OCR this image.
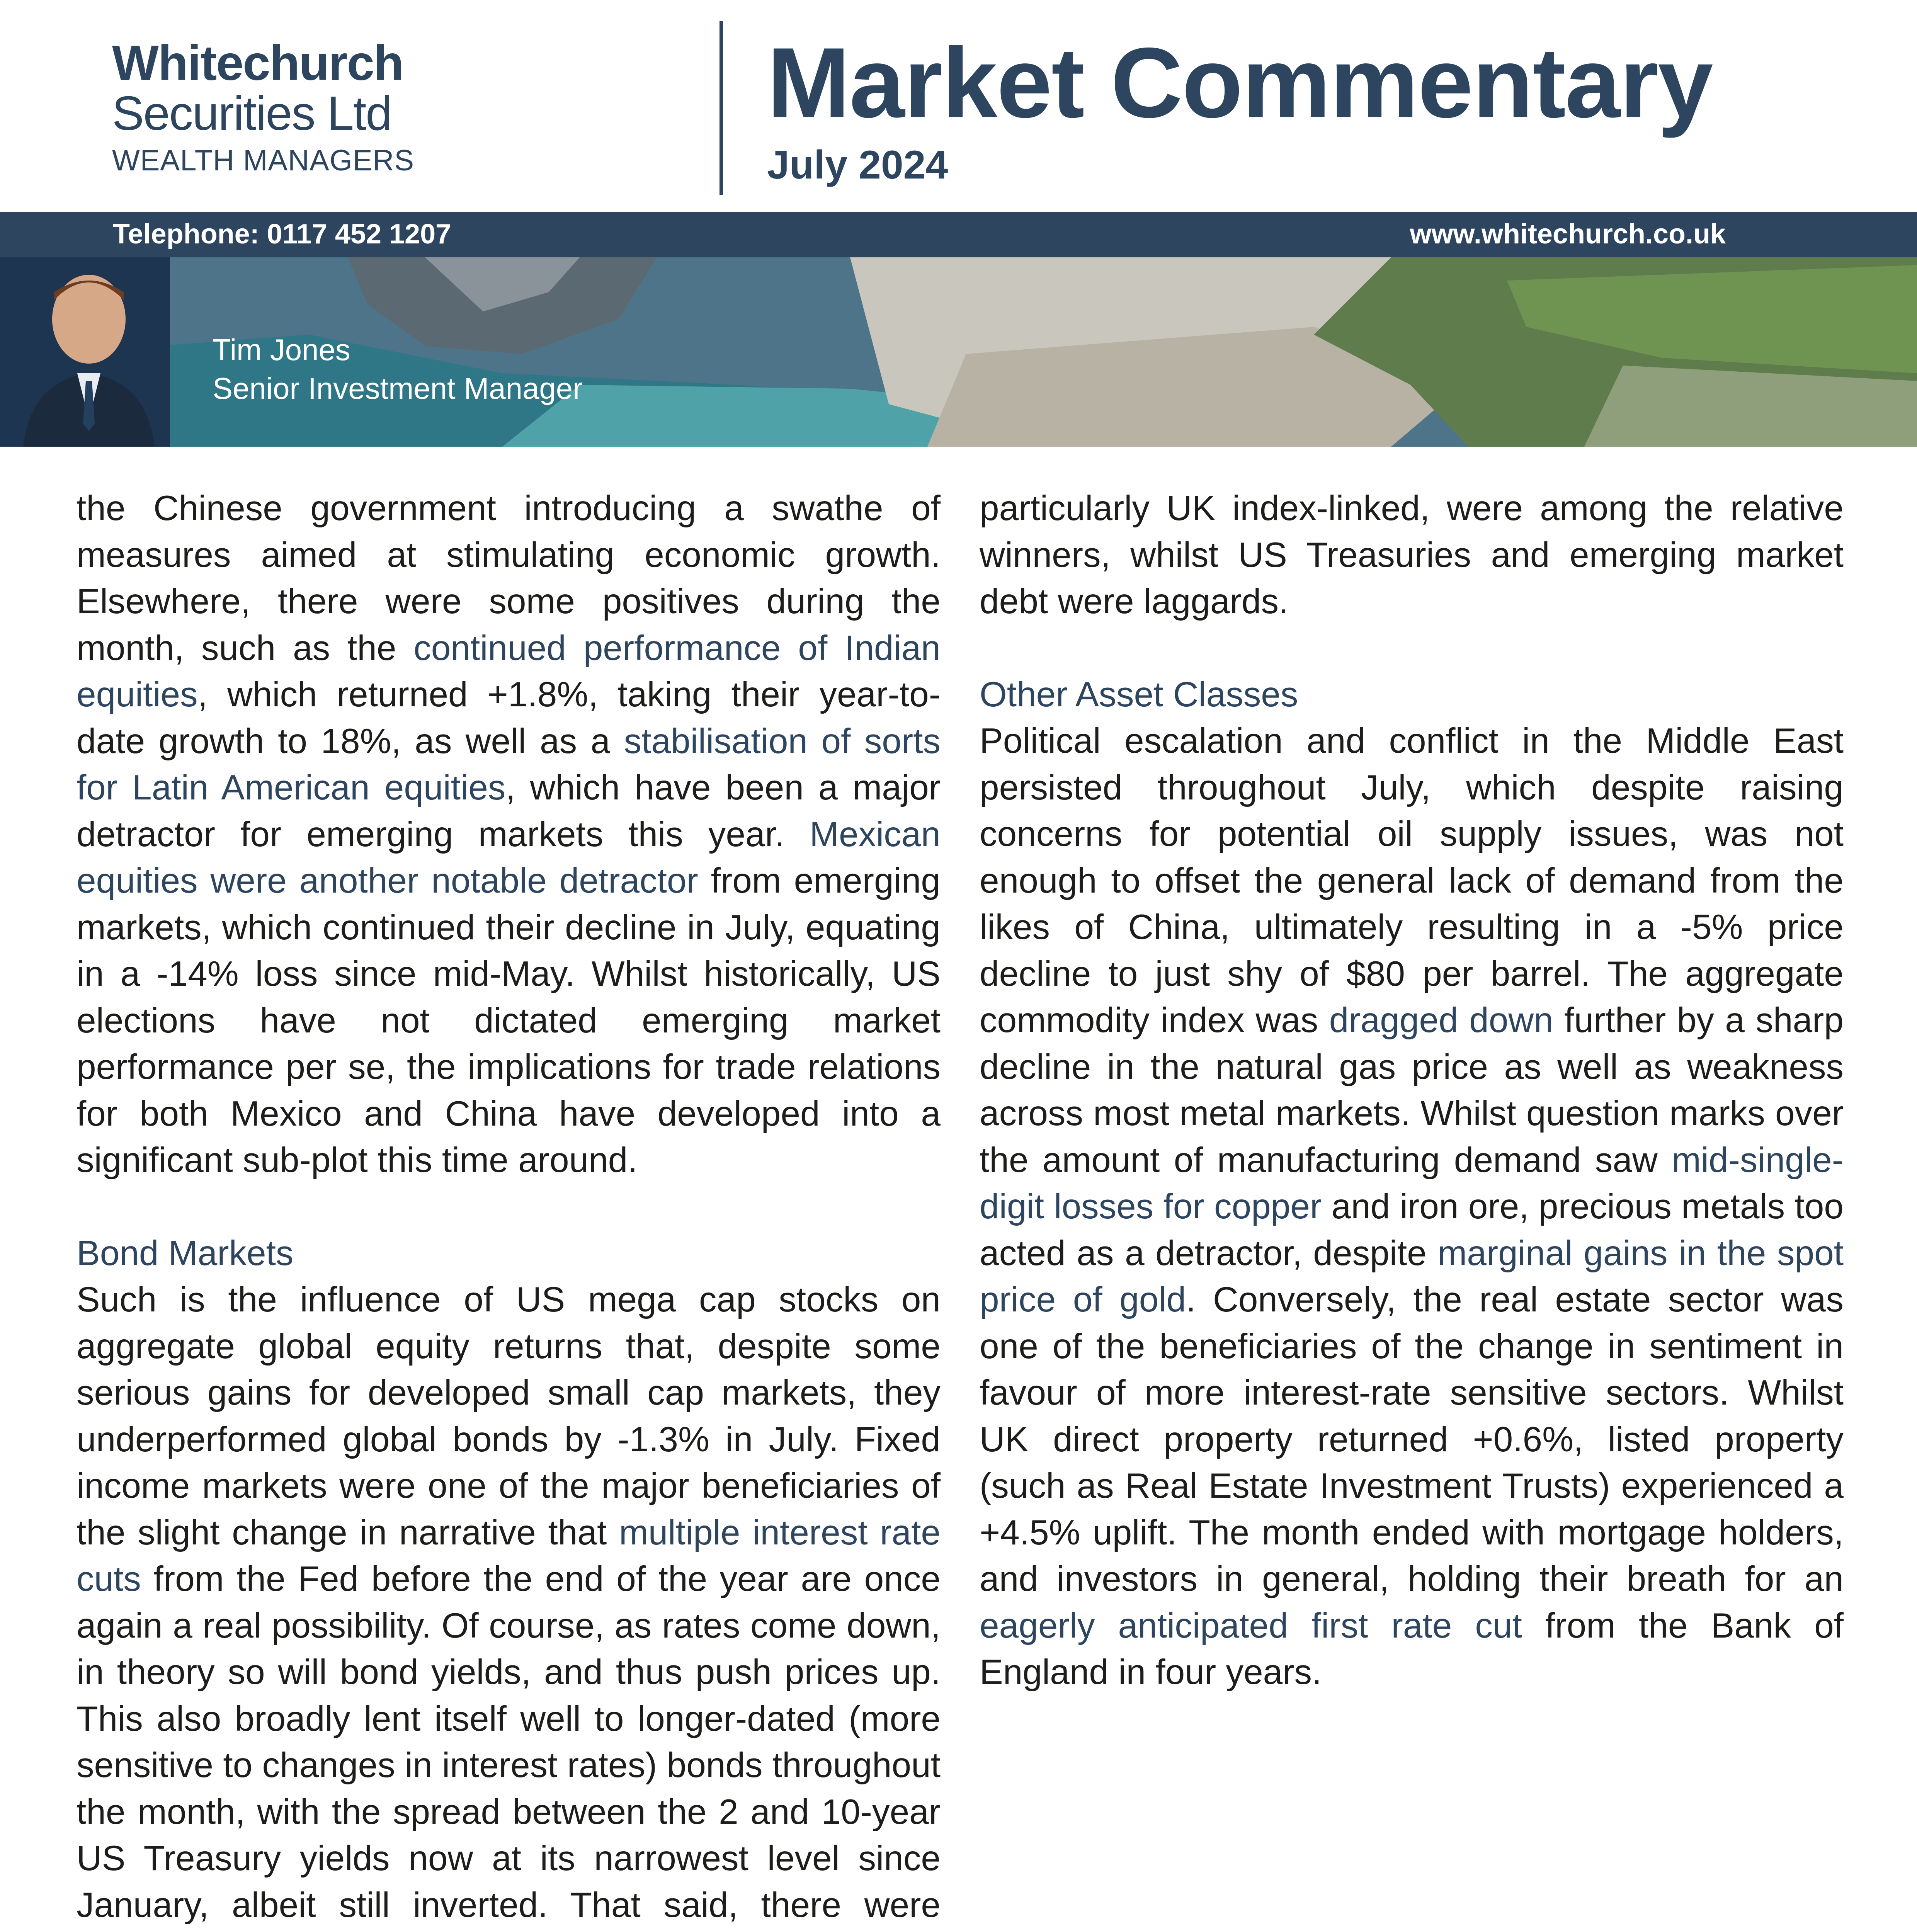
Whitechurch
Securities Ltd
WEALTH MANAGERS
Market Commentary
July 2024
Telephone: 0117 452 1207	www.whitechurch.co.uk
Tim Jones
Senior Investment Manager
the Chinese government introducing a swathe of measures aimed at stimulating economic growth. Elsewhere, there were some positives during the month, such as the continued performance of Indian equities, which returned +1.8%, taking their year-to-date growth to 18%, as well as a stabilisation of sorts for Latin American equities, which have been a major detractor for emerging markets this year. Mexican equities were another notable detractor from emerging markets, which continued their decline in July, equating in a -14% loss since mid-May. Whilst historically, US elections have not dictated emerging market performance per se, the implications for trade relations for both Mexico and China have developed into a significant sub-plot this time around.
Bond Markets
Such is the influence of US mega cap stocks on aggregate global equity returns that, despite some serious gains for developed small cap markets, they underperformed global bonds by -1.3% in July. Fixed income markets were one of the major beneficiaries of the slight change in narrative that multiple interest rate cuts from the Fed before the end of the year are once again a real possibility. Of course, as rates come down, in theory so will bond yields, and thus push prices up. This also broadly lent itself well to longer-dated (more sensitive to changes in interest rates) bonds throughout the month, with the spread between the 2 and 10-year US Treasury yields now at its narrowest level since January, albeit still inverted. That said, there were
particularly UK index-linked, were among the relative winners, whilst US Treasuries and emerging market debt were laggards.
Other Asset Classes
Political escalation and conflict in the Middle East persisted throughout July, which despite raising concerns for potential oil supply issues, was not enough to offset the general lack of demand from the likes of China, ultimately resulting in a -5% price decline to just shy of $80 per barrel. The aggregate commodity index was dragged down further by a sharp decline in the natural gas price as well as weakness across most metal markets. Whilst question marks over the amount of manufacturing demand saw mid-single-digit losses for copper and iron ore, precious metals too acted as a detractor, despite marginal gains in the spot price of gold. Conversely, the real estate sector was one of the beneficiaries of the change in sentiment in favour of more interest-rate sensitive sectors. Whilst UK direct property returned +0.6%, listed property (such as Real Estate Investment Trusts) experienced a +4.5% uplift. The month ended with mortgage holders, and investors in general, holding their breath for an eagerly anticipated first rate cut from the Bank of England in four years.
